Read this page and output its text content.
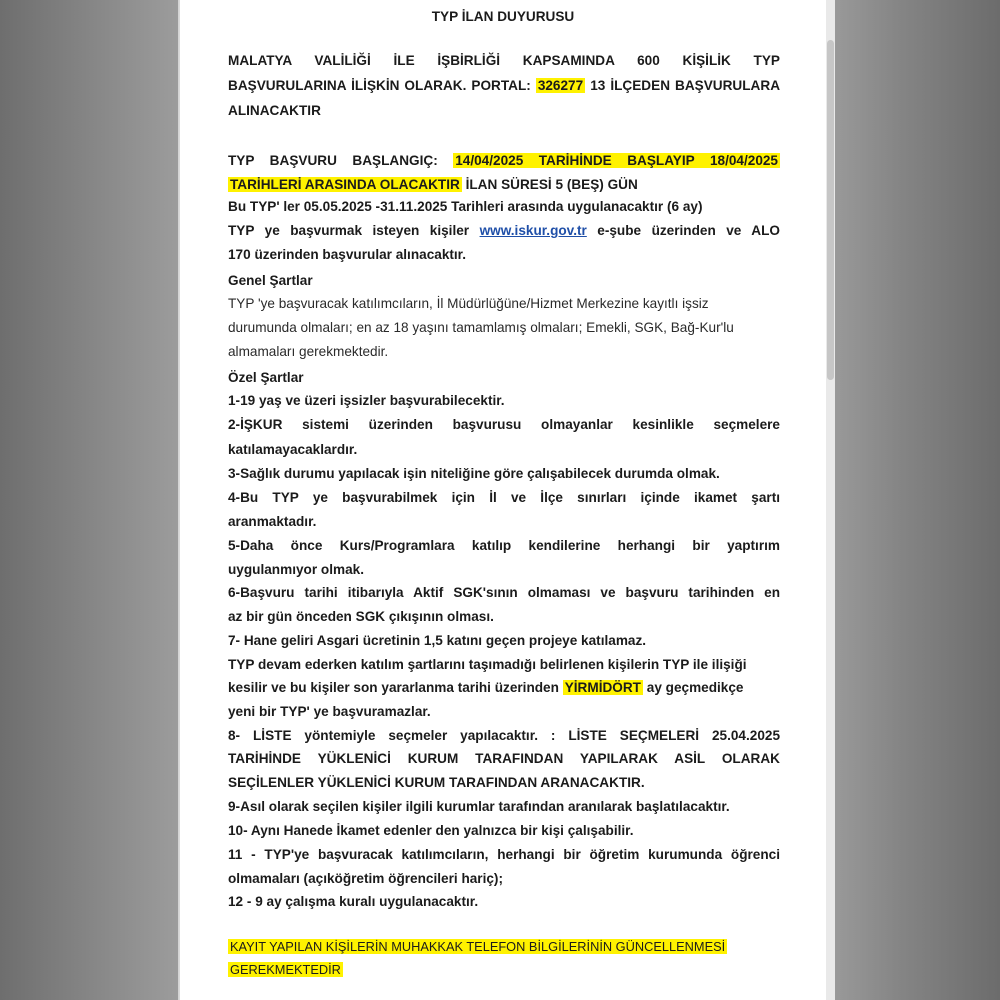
TYP İLAN DUYURUSU
MALATYA VALİLİĞİ İLE İŞBİRLİĞİ KAPSAMINDA 600 KİŞİLİK TYP
BAŞVURULARINA İLİŞKİN OLARAK. PORTAL: 326277 13 İLÇEDEN BAŞVURULARA
ALINACAKTIR
TYP BAŞVURU BAŞLANGIÇ: 14/04/2025 TARİHİNDE BAŞLAYIP 18/04/2025
TARİHLERİ ARASINDA OLACAKTIR İLAN SÜRESİ 5 (BEŞ) GÜN
Bu TYP' ler 05.05.2025 -31.11.2025 Tarihleri arasında uygulanacaktır (6 ay)
TYP ye başvurmak isteyen kişiler www.iskur.gov.tr e-şube üzerinden ve ALO
170 üzerinden başvurular alınacaktır.
Genel Şartlar
TYP 'ye başvuracak katılımcıların, İl Müdürlüğüne/Hizmet Merkezine kayıtlı işsiz
durumunda olmaları; en az 18 yaşını tamamlamış olmaları; Emekli, SGK, Bağ-Kur'lu
almamaları gerekmektedir.
Özel Şartlar
1-19 yaş ve üzeri işsizler başvurabilecektir.
2-İŞKUR sistemi üzerinden başvurusu olmayanlar kesinlikle seçmelere
katılamayacaklardır.
3-Sağlık durumu yapılacak işin niteliğine göre çalışabilecek durumda olmak.
4-Bu TYP ye başvurabilmek için İl ve İlçe sınırları içinde ikamet şartı
aranmaktadır.
5-Daha önce Kurs/Programlara katılıp kendilerine herhangi bir yaptırım
uygulanmıyor olmak.
6-Başvuru tarihi itibarıyla Aktif SGK'sının olmaması ve başvuru tarihinden en
az bir gün önceden SGK çıkışının olması.
7- Hane geliri Asgari ücretinin 1,5 katını geçen projeye katılamaz.
TYP devam ederken katılım şartlarını taşımadığı belirlenen kişilerin TYP ile ilişiği
kesilir ve bu kişiler son yararlanma tarihi üzerinden YİRMİDÖRT ay geçmedikçe
yeni bir TYP' ye başvuramazlar.
8- LİSTE yöntemiyle seçmeler yapılacaktır. : LİSTE SEÇMELERİ 25.04.2025
TARİHİNDE YÜKLENİCİ KURUM TARAFINDAN YAPILARAK ASİL OLARAK
SEÇİLENLER YÜKLENİCİ KURUM TARAFINDAN ARANACAKTIR.
9-Asıl olarak seçilen kişiler ilgili kurumlar tarafından aranılarak başlatılacaktır.
10- Aynı Hanede İkamet edenler den yalnızca bir kişi çalışabilir.
11 - TYP'ye başvuracak katılımcıların, herhangi bir öğretim kurumunda öğrenci
olmamaları (açıköğretim öğrencileri hariç);
12 - 9 ay çalışma kuralı uygulanacaktır.
KAYIT YAPILAN KİŞİLERİN MUHAKKAK TELEFON BİLGİLERİNİN GÜNCELLENMESİ
GEREKMEKTEDİR
